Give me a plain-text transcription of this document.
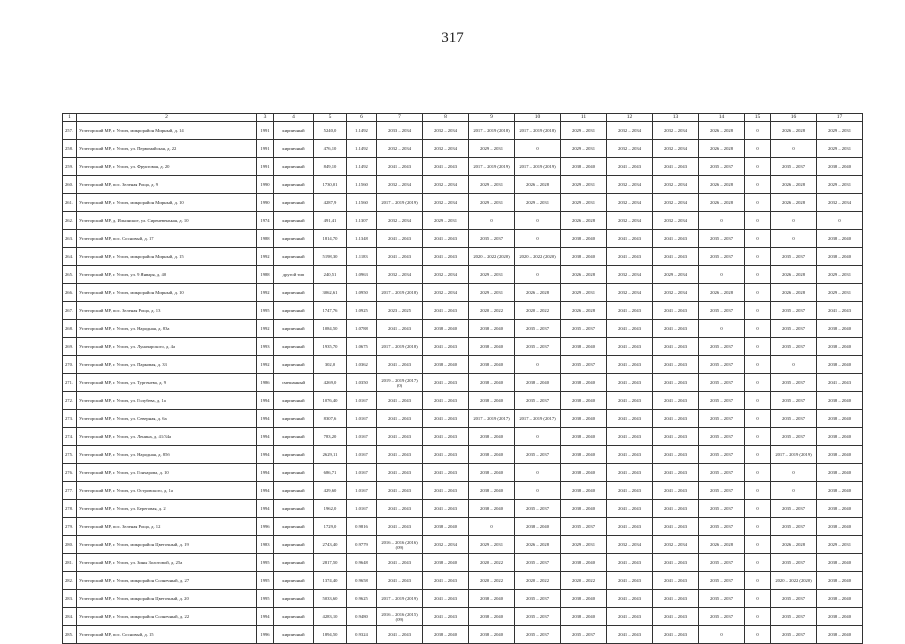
317
1	2	3	4	5	6	7	8	9	10	11	12	13	14	15	16	17
257.	Углегорский МР, г. Углич, микрорайон Мирный, д. 14	1991	кирпичный	5240,0	1.1492	2033 – 2034	2032 – 2034	2017 – 2019 (2018)	2017 – 2019 (2018)	2029 – 2031	2032 – 2034	2032 – 2034	2026 – 2028	0	2026 – 2028	2029 – 2031
258.	Углегорский МР, г. Углич, ул. Первомайская, д. 22	1991	кирпичный	476,10	1.1492	2032 – 2034	2032 – 2034	2029 – 2031	0	2029 – 2031	2032 – 2034	2032 – 2034	2026 – 2028	0	0	2029 – 2031
259.	Углегорский МР, г. Углич, ул. Фруктовая, д. 20	1991	кирпичный	849,10	1.1492	2041 – 2043	2041 – 2043	2017 – 2019 (2019)	2017 – 2019 (2019)	2038 – 2040	2041 – 2043	2041 – 2043	2035 – 2037	0	2035 – 2037	2038 – 2040
260.	Углегорский МР, пос. Зеленая Роща, д. 9	1990	кирпичный	1730,01	1.1560	2032 – 2034	2032 – 2034	2029 – 2031	2026 – 2028	2029 – 2031	2032 – 2034	2032 – 2034	2026 – 2028	0	2026 – 2028	2029 – 2031
261.	Углегорский МР, г. Углич, микрорайон Мирный, д. 10	1990	кирпичный	4287,9	1.1560	2017 – 2019 (2019)	2032 – 2034	2029 – 2031	2029 – 2031	2029 – 2031	2032 – 2034	2032 – 2034	2026 – 2028	0	2026 – 2028	2032 – 2034
262.	Углегорский МР, д. Ильинское, ул. Сиреневенькая, д. 10	1974	кирпичный	491,41	1.1307	2032 – 2034	2029 – 2031	0	0	2026 – 2028	2032 – 2034	2032 – 2034	0	0	0	0
263.	Углегорский МР, пос. Сосновый, д. 17	1988	кирпичный	1814,70	1.1348	2041 – 2043	2041 – 2043	2035 – 2037	0	2038 – 2040	2041 – 2043	2041 – 2043	2035 – 2037	0	0	2038 – 2040
264.	Углегорский МР, г. Углич, микрорайон Мирный, д. 15	1992	кирпичный	5198,30	1.1183	2041 – 2043	2041 – 2043	2020 – 2022 (2020)	2020 – 2022 (2020)	2038 – 2040	2041 – 2043	2041 – 2043	2035 – 2037	0	2035 – 2037	2038 – 2040
265.	Углегорский МР, г. Углич, ул. 9 Января, д. 40	1988	другой тип	240,51	1.0963	2032 – 2034	2032 – 2034	2029 – 2031	0	2026 – 2028	2032 – 2034	2029 – 2034	0	0	2026 – 2028	2029 – 2031
266.	Углегорский МР, г. Углич, микрорайон Мирный, д. 10	1992	кирпичный	3062,61	1.0950	2017 – 2019 (2018)	2032 – 2034	2029 – 2031	2026 – 2028	2029 – 2031	2032 – 2034	2032 – 2034	2026 – 2028	0	2026 – 2028	2029 – 2031
267.	Углегорский МР, пос. Зеленая Роща, д. 13	1995	кирпичный	1747,76	1.0925	2023 – 2025	2041 – 2043	2020 – 2022	2020 – 2022	2026 – 2028	2041 – 2043	2041 – 2043	2035 – 2037	0	2035 – 2037	2041 – 2043
268.	Углегорский МР, г. Углич, ул. Народная, д. 83а	1992	кирпичный	1084,50	1.0788	2041 – 2043	2038 – 2040	2038 – 2040	2035 – 2037	2035 – 2037	2041 – 2043	2041 – 2043	0	0	2035 – 2037	2038 – 2040
269.	Углегорский МР, г. Углич, ул. Луначарского, д. 4а	1993	кирпичный	1935,70	1.0675	2017 – 2019 (2018)	2041 – 2043	2038 – 2040	2035 – 2037	2038 – 2040	2041 – 2043	2041 – 2043	2035 – 2037	0	2035 – 2037	2038 – 2040
270.	Углегорский МР, г. Углич, ул. Парковая, д. 33	1992	кирпичный	302,0	1.0362	2041 – 2043	2038 – 2040	2038 – 2040	0	2035 – 2037	2041 – 2043	2041 – 2043	2035 – 2037	0	0	2038 – 2040
271.	Углегорский МР, г. Углич, ул. Тургенева, д. 9	1986	смешанный	4269,0	1.0350	2019 – 2019 (2017) (0)	2041 – 2043	2038 – 2040	2038 – 2040	2038 – 2040	2041 – 2043	2041 – 2043	2035 – 2037	0	2035 – 2037	2041 – 2043
272.	Углегорский МР, г. Углич, ул. Голубева, д. 1а	1994	кирпичный	1076,40	1.0167	2041 – 2043	2041 – 2043	2038 – 2040	2035 – 2037	2038 – 2040	2041 – 2043	2041 – 2043	2035 – 2037	0	2035 – 2037	2038 – 2040
273.	Углегорский МР, г. Углич, ул. Северная, д. 6а	1994	кирпичный	8307,6	1.0167	2041 – 2043	2041 – 2043	2017 – 2019 (2017)	2017 – 2019 (2017)	2038 – 2040	2041 – 2043	2041 – 2043	2035 – 2037	0	2035 – 2037	2038 – 2040
274.	Углегорский МР, г. Углич, ул. Ленина, д. 41/34а	1994	кирпичный	783,20	1.0167	2041 – 2043	2041 – 2043	2038 – 2040	0	2038 – 2040	2041 – 2043	2041 – 2043	2035 – 2037	0	2035 – 2037	2038 – 2040
275.	Углегорский МР, г. Углич, ул. Народная, д. 85б	1994	кирпичный	2629,11	1.0167	2041 – 2043	2041 – 2043	2038 – 2040	2035 – 2037	2038 – 2040	2041 – 2043	2041 – 2043	2035 – 2037	0	2017 – 2019 (2019)	2038 – 2040
276.	Углегорский МР, г. Углич, ул. Гончарова, д. 10	1994	кирпичный	686,71	1.0167	2041 – 2043	2041 – 2043	2038 – 2040	0	2038 – 2040	2041 – 2043	2041 – 2043	2035 – 2037	0	0	2038 – 2040
277.	Углегорский МР, г. Углич, ул. Островского, д. 1а	1994	кирпичный	429,60	1.0167	2041 – 2043	2041 – 2043	2038 – 2040	0	2038 – 2040	2041 – 2043	2041 – 2043	2035 – 2037	0	0	2038 – 2040
278.	Углегорский МР, г. Углич, ул. Береговая, д. 2	1994	кирпичный	1962,0	1.0167	2041 – 2043	2041 – 2043	2038 – 2040	2035 – 2037	2038 – 2040	2041 – 2043	2041 – 2043	2035 – 2037	0	2035 – 2037	2038 – 2040
279.	Углегорский МР, пос. Зеленая Роща, д. 12	1996	кирпичный	1729,0	0.9816	2041 – 2043	2038 – 2040	0	2038 – 2040	2035 – 2037	2041 – 2043	2041 – 2043	2035 – 2037	0	2035 – 2037	2038 – 2040
280.	Углегорский МР, г. Углич, микрорайон Цветочный, д. 19	1983	кирпичный	2743,40	0.9779	2016 – 2016 (2016) (09)	2032 – 2034	2029 – 2031	2026 – 2028	2029 – 2031	2032 – 2034	2032 – 2034	2026 – 2028	0	2026 – 2028	2029 – 2031
281.	Углегорский МР, г. Углич, ул. Зины Золотовой, д. 25а	1995	кирпичный	2817,50	0.9648	2041 – 2043	2038 – 2040	2020 – 2022	2035 – 2037	2038 – 2040	2041 – 2043	2041 – 2043	2035 – 2037	0	2035 – 2037	2038 – 2040
282.	Углегорский МР, г. Углич, микрорайон Солнечный, д. 27	1995	кирпичный	1374,40	0.9658	2041 – 2043	2041 – 2043	2020 – 2022	2020 – 2022	2020 – 2022	2041 – 2043	2041 – 2043	2035 – 2037	0	2020 – 2022 (2020)	2038 – 2040
283.	Углегорский МР, г. Углич, микрорайон Цветочный, д. 20	1995	кирпичный	5033,60	0.9625	2017 – 2019 (2019)	2041 – 2043	2038 – 2040	2035 – 2037	2038 – 2040	2041 – 2043	2041 – 2043	2035 – 2037	0	2035 – 2037	2038 – 2040
284.	Углегорский МР, г. Углич, микрорайон Солнечный, д. 22	1994	кирпичный	4283,10	0.9480	2016 – 2016 (2015) (09)	2041 – 2043	2038 – 2040	2035 – 2037	2038 – 2040	2041 – 2043	2041 – 2043	2035 – 2037	0	2035 – 2037	2038 – 2040
285.	Углегорский МР, пос. Сосновый, д. 15	1996	кирпичный	1894,50	0.9324	2041 – 2043	2038 – 2040	2038 – 2040	2035 – 2037	2035 – 2037	2041 – 2043	2041 – 2043	0	0	2035 – 2037	2038 – 2040
